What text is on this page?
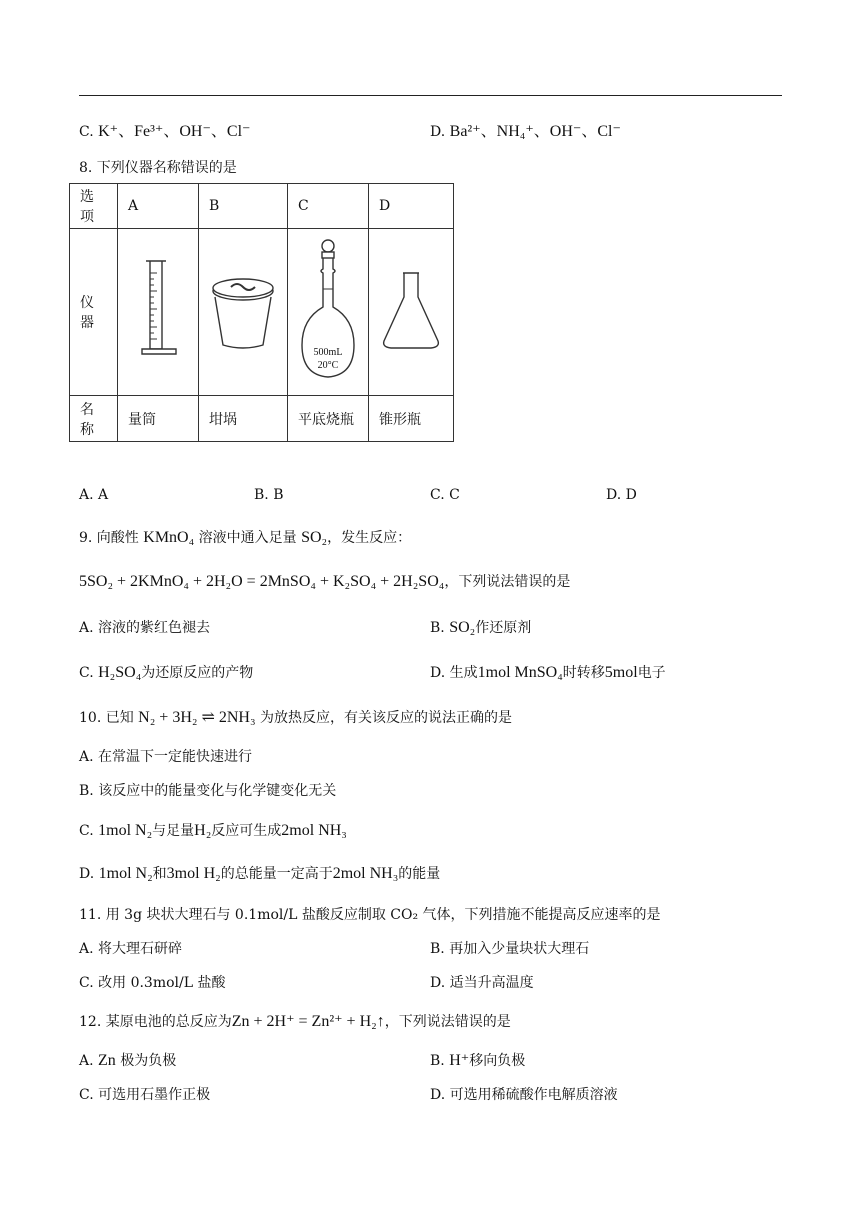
C. K⁺、Fe³⁺、OH⁻、Cl⁻	D. Ba²⁺、NH₄⁺、OH⁻、Cl⁻
8. 下列仪器名称错误的是
选项	A	B	C	D
仪器			500mL
20°C

名称	量筒	坩埚	平底烧瓶	锥形瓶
A. A	B. B	C. C	D. D
9. 向酸性 KMnO₄ 溶液中通入足量 SO₂，发生反应：
5SO₂ + 2KMnO₄ + 2H₂O = 2MnSO₄ + K₂SO₄ + 2H₂SO₄，下列说法错误的是
A. 溶液的紫红色褪去	B. SO₂作还原剂
C. H₂SO₄为还原反应的产物	D. 生成1mol MnSO₄时转移5mol电子
10. 已知 N₂ + 3H₂ ⇌ 2NH₃ 为放热反应，有关该反应的说法正确的是
A. 在常温下一定能快速进行
B. 该反应中的能量变化与化学键变化无关
C. 1mol N₂与足量H₂反应可生成2mol NH₃
D. 1mol N₂和3mol H₂的总能量一定高于2mol NH₃的能量
11. 用 3g 块状大理石与 0.1mol/L 盐酸反应制取 CO₂ 气体，下列措施不能提高反应速率的是
A. 将大理石研碎	B. 再加入少量块状大理石
C. 改用 0.3mol/L 盐酸	D. 适当升高温度
12. 某原电池的总反应为Zn + 2H⁺ = Zn²⁺ + H₂↑，下列说法错误的是
A. Zn 极为负极	B. H⁺移向负极
C. 可选用石墨作正极	D. 可选用稀硫酸作电解质溶液
